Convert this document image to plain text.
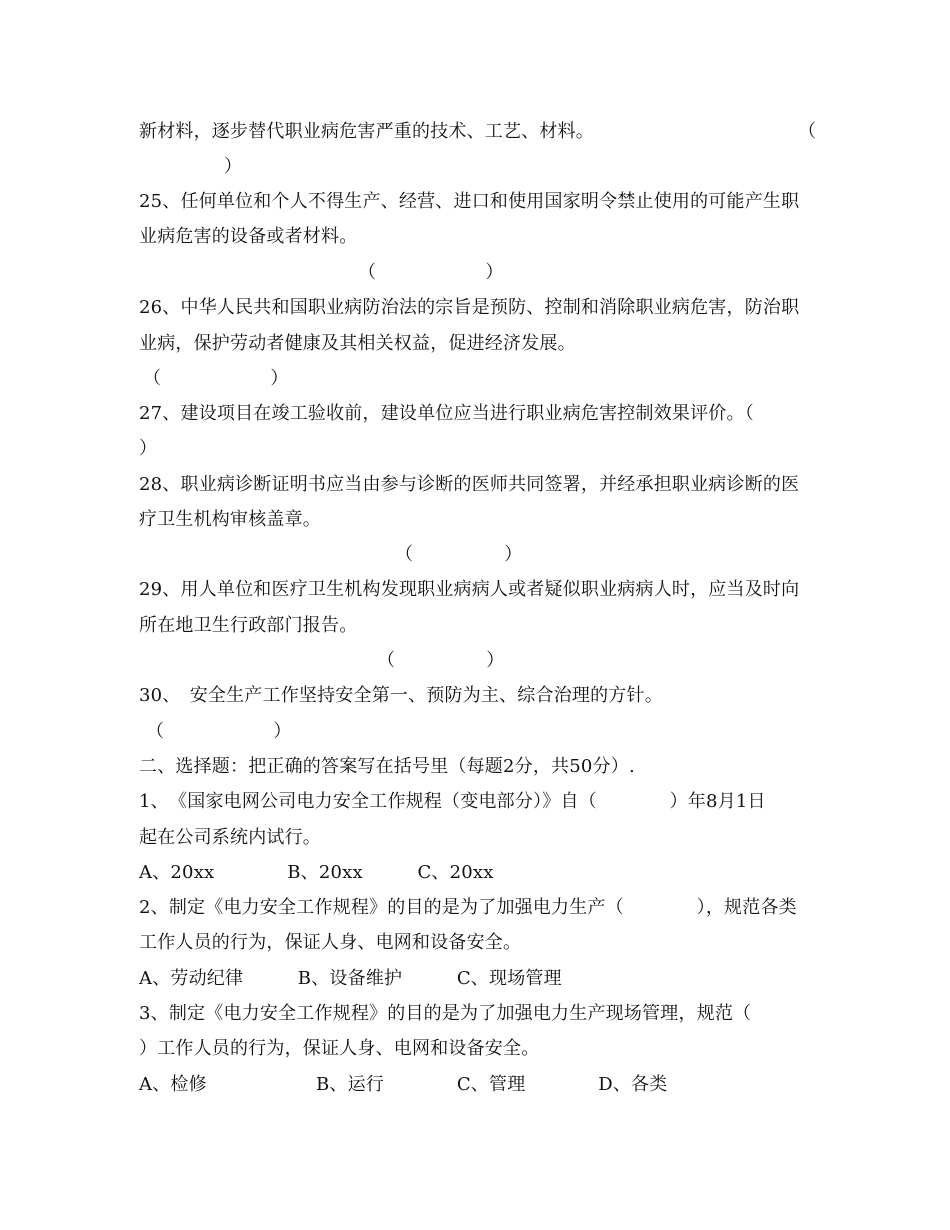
新材料，逐步替代职业病危害严重的技术、工艺、材料。	（
）
25、任何单位和个人不得生产、经营、进口和使用国家明令禁止使用的可能产生职
业病危害的设备或者材料。
（　　　　　　）
26、中华人民共和国职业病防治法的宗旨是预防、控制和消除职业病危害，防治职
业病，保护劳动者健康及其相关权益，促进经济发展。
（　　　　　　）
27、建设项目在竣工验收前，建设单位应当进行职业病危害控制效果评价。（
）
28、职业病诊断证明书应当由参与诊断的医师共同签署，并经承担职业病诊断的医
疗卫生机构审核盖章。
（　　　　　）
29、用人单位和医疗卫生机构发现职业病病人或者疑似职业病病人时，应当及时向
所在地卫生行政部门报告。
（　　　　　）
30、　安全生产工作坚持安全第一、预防为主、综合治理的方针。
（　　　　　　）
二、选择题：把正确的答案写在括号里（每题2分，共50分）.
1、　《国家电网公司电力安全工作规程（变电部分）》自（　　　　）年8月1日
起在公司系统内试行。
A、20xx　　　　B、20xx　　　C、20xx
2、制定《电力安全工作规程》的目的是为了加强电力生产（　　　　），规范各类
工作人员的行为，保证人身、电网和设备安全。
A、劳动纪律　　　B、设备维护　　　C、现场管理
3、制定《电力安全工作规程》的目的是为了加强电力生产现场管理，规范（
）工作人员的行为，保证人身、电网和设备安全。
A、检修　　　　　　B、运行　　　　C、管理　　　　D、各类
